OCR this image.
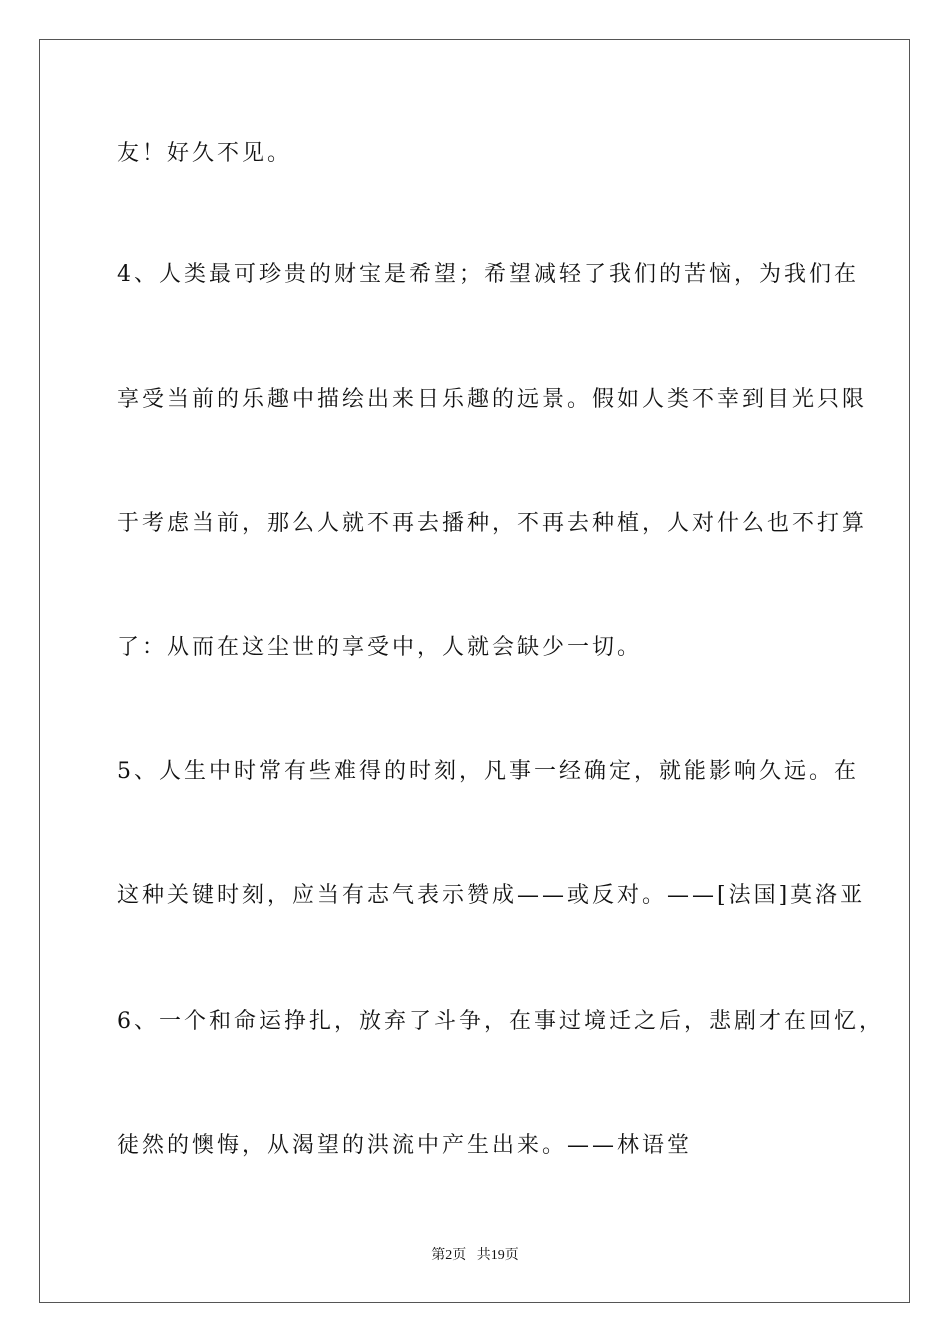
友！好久不见。
4、人类最可珍贵的财宝是希望；希望减轻了我们的苦恼，为我们在
享受当前的乐趣中描绘出来日乐趣的远景。假如人类不幸到目光只限
于考虑当前，那么人就不再去播种，不再去种植，人对什么也不打算
了：从而在这尘世的享受中，人就会缺少一切。
5、人生中时常有些难得的时刻，凡事一经确定，就能影响久远。在
这种关键时刻，应当有志气表示赞成——或反对。——[法国]莫洛亚
6、一个和命运挣扎，放弃了斗争，在事过境迁之后，悲剧才在回忆，
徒然的懊悔，从渴望的洪流中产生出来。——林语堂
第2页 共19页
